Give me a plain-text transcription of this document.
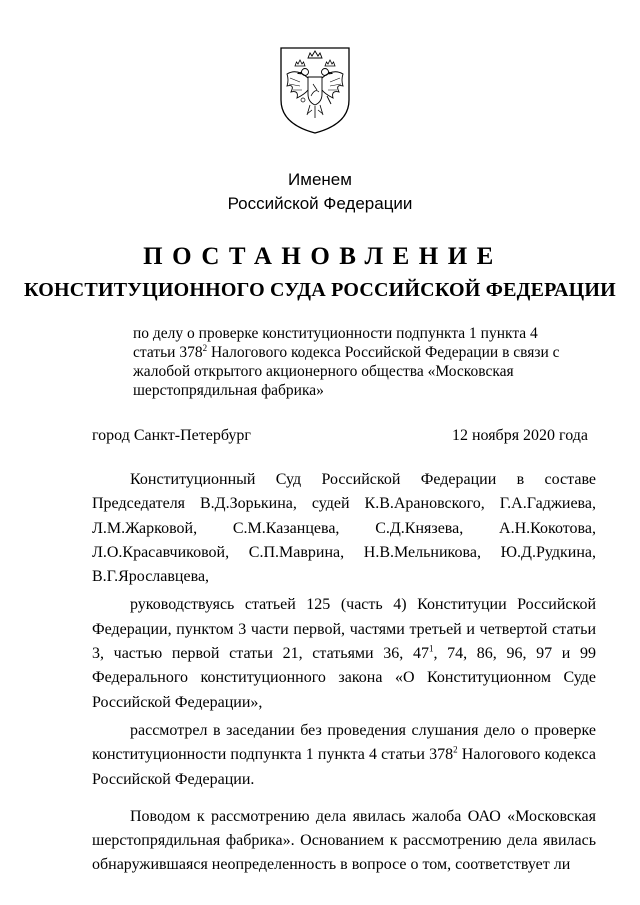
Именем
Российской Федерации
ПОСТАНОВЛЕНИЕ
КОНСТИТУЦИОННОГО СУДА РОССИЙСКОЙ ФЕДЕРАЦИИ
по делу о проверке конституционности подпункта 1 пункта 4 статьи $378^2$ Налогового кодекса Российской Федерации в связи с жалобой открытого акционерного общества «Московская шерстопрядильная фабрика»
город Санкт-Петербург	12 ноября 2020 года

Конституционный Суд Российской Федерации в составе Председателя В.Д.Зорькина, судей К.В.Арановского, Г.А.Гаджиева, Л.М.Жарковой, С.М.Казанцева, С.Д.Князева, А.Н.Кокотова, Л.О.Красавчиковой, С.П.Маврина, Н.В.Мельникова, Ю.Д.Рудкина, В.Г.Ярославцева,

руководствуясь статьей 125 (часть 4) Конституции Российской Федерации, пунктом 3 части первой, частями третьей и четвертой статьи 3, частью первой статьи 21, статьями 36, $47^1$, 74, 86, 96, 97 и 99 Федерального конституционного закона «О Конституционном Суде Российской Федерации»,

рассмотрел в заседании без проведения слушания дело о проверке конституционности подпункта 1 пункта 4 статьи $378^2$ Налогового кодекса Российской Федерации.

Поводом к рассмотрению дела явилась жалоба ОАО «Московская шерстопрядильная фабрика». Основанием к рассмотрению дела явилась обнаружившаяся неопределенность в вопросе о том, соответствует ли
